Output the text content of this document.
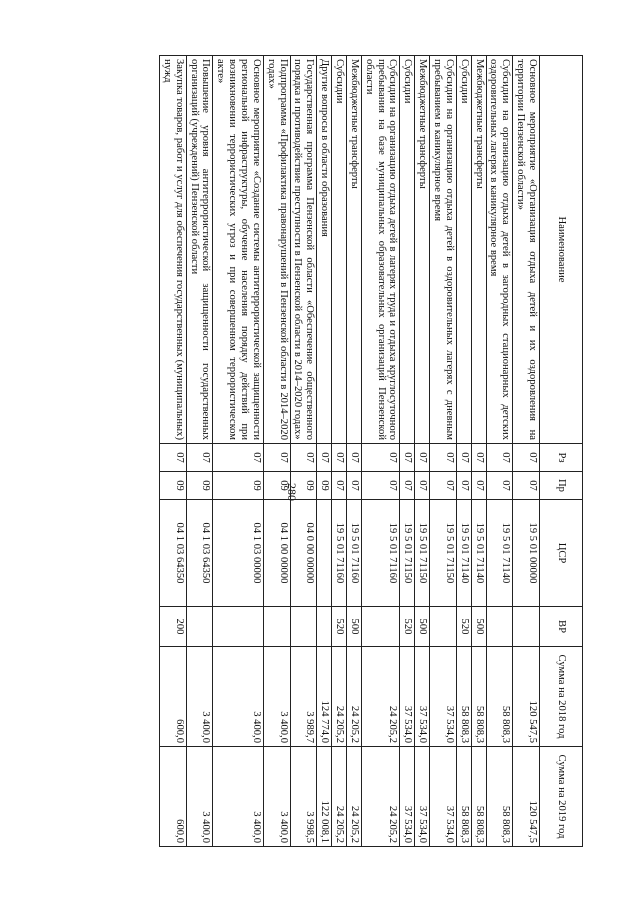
280
Наименование	Рз	Пр	ЦСР	ВР	Сумма на 2018 год	Сумма на 2019 год
Основное мероприятие «Организация отдыха детей и их оздоровления на территории Пензенской области»	07	07	19 5 01 00000		120 547,5	120 547,5
Субсидии на организацию отдыха детей в загородных стационарных детских оздоровительных лагерях в каникулярное время	07	07	19 5 01 71140		58 808,3	58 808,3
Межбюджетные трансферты	07	07	19 5 01 71140	500	58 808,3	58 808,3
Субсидии	07	07	19 5 01 71140	520	58 808,3	58 808,3
Субсидии на организацию отдыха детей в оздоровительных лагерях с дневным пребыванием в каникулярное время	07	07	19 5 01 71150		37 534,0	37 534,0
Межбюджетные трансферты	07	07	19 5 01 71150	500	37 534,0	37 534,0
Субсидии	07	07	19 5 01 71150	520	37 534,0	37 534,0
Субсидии на организацию отдыха детей в лагерях труда и отдыха круглосуточного пребывания на базе муниципальных образовательных организаций Пензенской области	07	07	19 5 01 71160		24 205,2	24 205,2
Межбюджетные трансферты	07	07	19 5 01 71160	500	24 205,2	24 205,2
Субсидии	07	07	19 5 01 71160	520	24 205,2	24 205,2
Другие вопросы в области образования	07	09			124 774,0	122 008,1
Государственная программа Пензенской области «Обеспечение общественного порядка и противодействие преступности в Пензенской области в 2014–2020 годах»	07	09	04 0 00 00000		3 989,7	3 998,5
Подпрограмма «Профилактика правонарушений в Пензенской области в 2014–2020 годах»	07	09	04 1 00 00000		3 400,0	3 400,0
Основное мероприятие «Создание системы антитеррористической защищенности региональной инфраструктуры, обучение населения порядку действий при возникновении террористических угроз и при совершенном террористическом акте»	07	09	04 1 03 00000		3 400,0	3 400,0
Повышение уровня антитеррористической защищенности государственных организаций (учреждений) Пензенской области	07	09	04 1 03 64350		3 400,0	3 400,0
Закупка товаров, работ и услуг для обеспечения государственных (муниципальных) нужд	07	09	04 1 03 64350	200	600,0	600,0
